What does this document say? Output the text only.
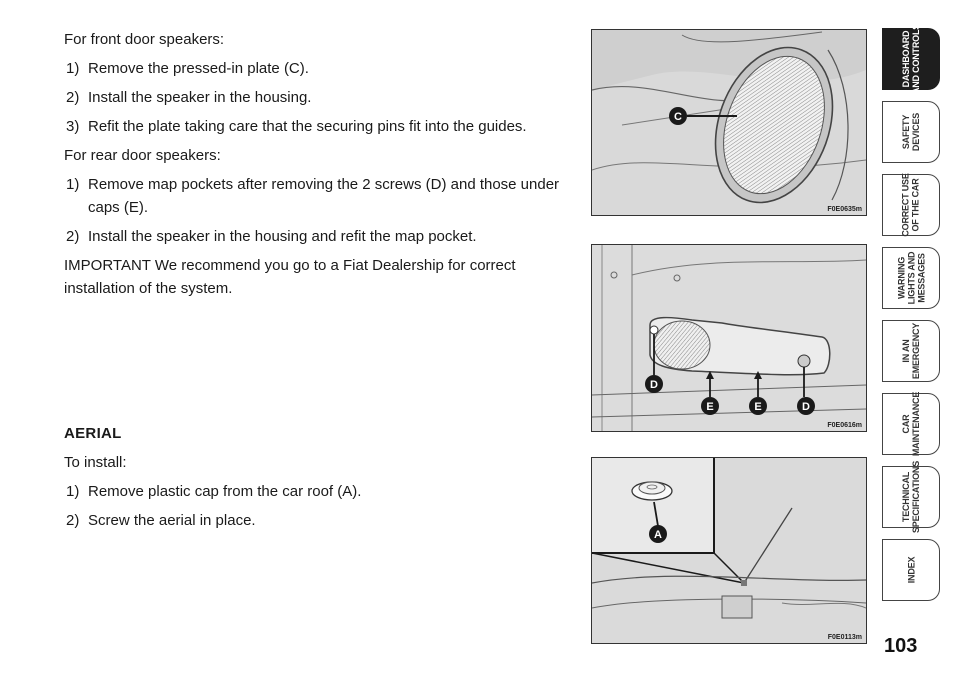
For front door speakers:

1) Remove the pressed-in plate (C).

2) Install the speaker in the housing.

3) Refit the plate taking care that the securing pins fit into the guides.

For rear door speakers:

1) Remove map pockets after removing the 2 screws (D) and those under caps (E).

2) Install the speaker in the housing and refit the map pocket.

IMPORTANT We recommend you go to a Fiat Dealership for correct installation of the system.

AERIAL

To install:

1) Remove plastic cap from the car roof (A).

2) Screw the aerial in place.

C
F0E0635m
D
E	E	D
F0E0616m
A
F0E0113m
DASHBOARD
AND CONTROLS
SAFETY
DEVICES
CORRECT USE
OF THE CAR
WARNING
LIGHTS AND
MESSAGES
IN AN
EMERGENCY
CAR
MAINTENANCE
TECHNICAL
SPECIFICATIONS
INDEX
103
